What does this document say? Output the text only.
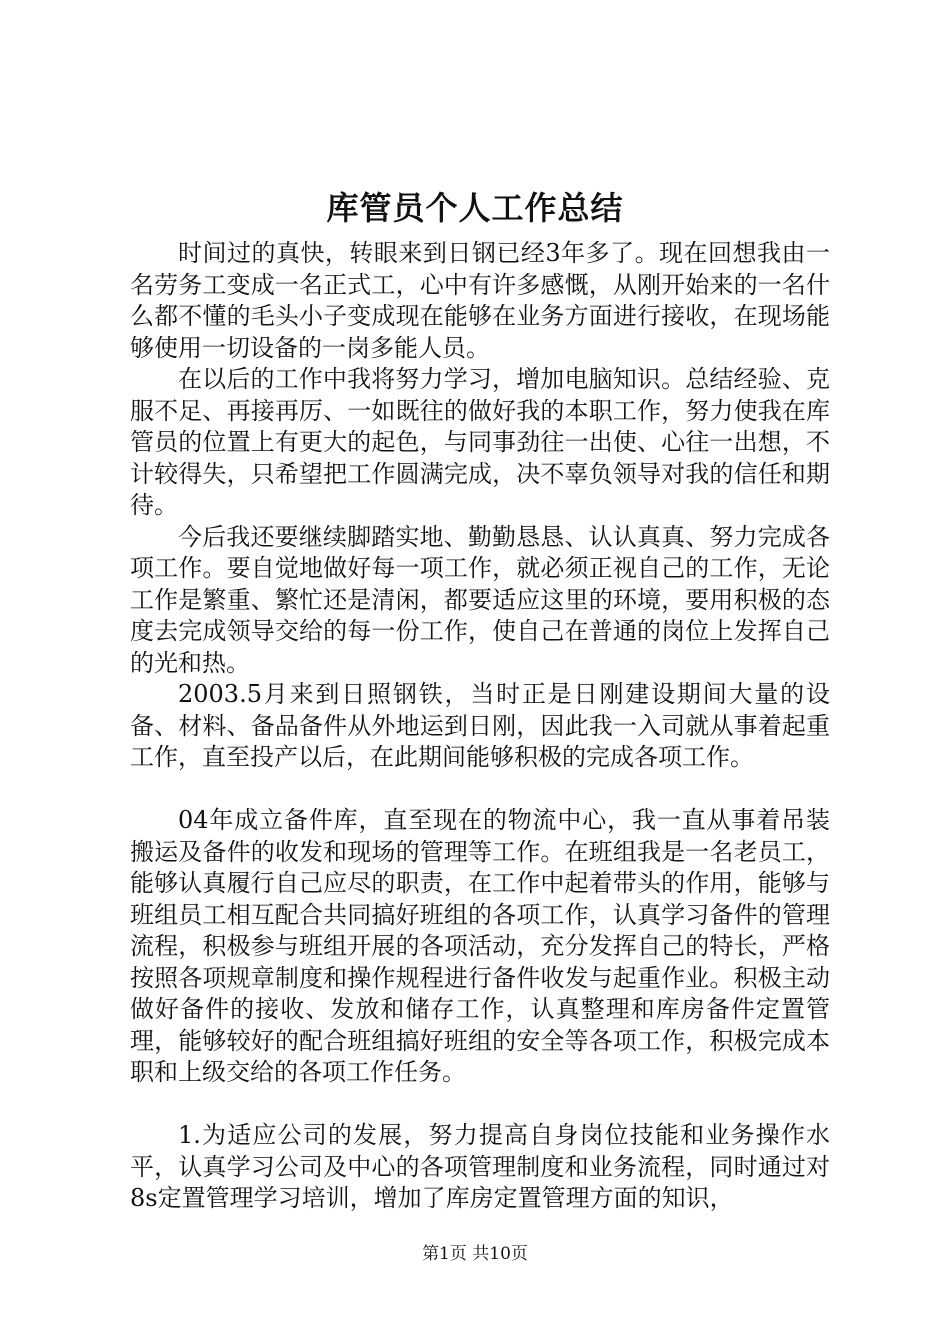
库管员个人工作总结

时间过的真快，转眼来到日钢已经3年多了。现在回想我由一名劳务工变成一名正式工，心中有许多感慨，从刚开始来的一名什么都不懂的毛头小子变成现在能够在业务方面进行接收，在现场能够使用一切设备的一岗多能人员。

在以后的工作中我将努力学习，增加电脑知识。总结经验、克服不足、再接再厉、一如既往的做好我的本职工作，努力使我在库管员的位置上有更大的起色，与同事劲往一出使、心往一出想，不计较得失，只希望把工作圆满完成，决不辜负领导对我的信任和期待。

今后我还要继续脚踏实地、勤勤恳恳、认认真真、努力完成各项工作。要自觉地做好每一项工作，就必须正视自己的工作，无论工作是繁重、繁忙还是清闲，都要适应这里的环境，要用积极的态度去完成领导交给的每一份工作，使自己在普通的岗位上发挥自己的光和热。

2003.5月来到日照钢铁，当时正是日刚建设期间大量的设备、材料、备品备件从外地运到日刚，因此我一入司就从事着起重工作，直至投产以后，在此期间能够积极的完成各项工作。

04年成立备件库，直至现在的物流中心，我一直从事着吊装搬运及备件的收发和现场的管理等工作。在班组我是一名老员工，能够认真履行自己应尽的职责，在工作中起着带头的作用，能够与班组员工相互配合共同搞好班组的各项工作，认真学习备件的管理流程，积极参与班组开展的各项活动，充分发挥自己的特长，严格按照各项规章制度和操作规程进行备件收发与起重作业。积极主动做好备件的接收、发放和储存工作，认真整理和库房备件定置管理，能够较好的配合班组搞好班组的安全等各项工作，积极完成本职和上级交给的各项工作任务。

1.为适应公司的发展，努力提高自身岗位技能和业务操作水平，认真学习公司及中心的各项管理制度和业务流程，同时通过对8s定置管理学习培训，增加了库房定置管理方面的知识，

第1页 共10页
